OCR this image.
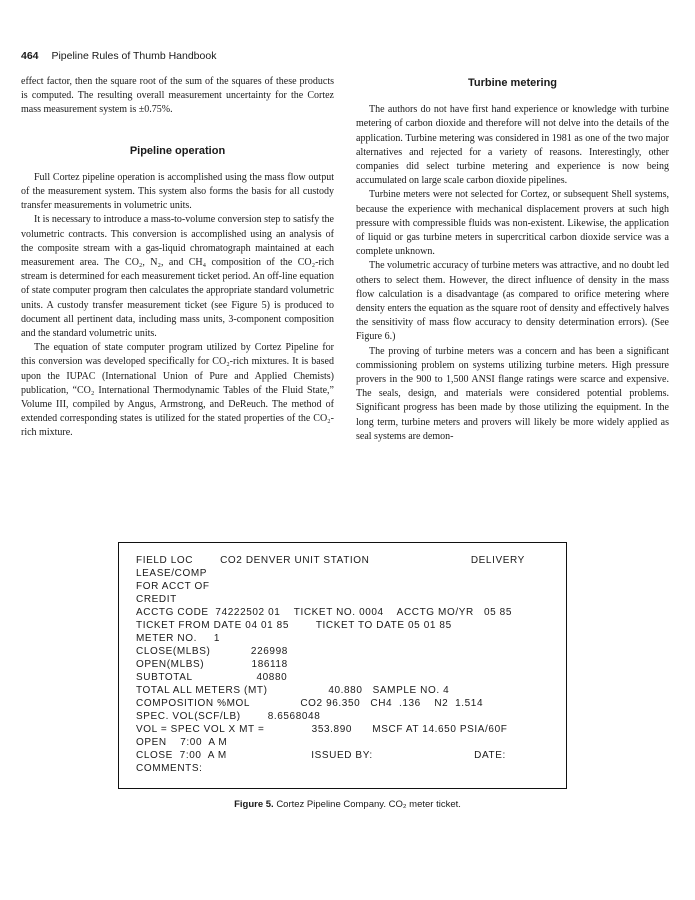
464 Pipeline Rules of Thumb Handbook

effect factor, then the square root of the sum of the squares of these products is computed. The resulting overall measurement uncertainty for the Cortez mass measurement system is ±0.75%.

Pipeline operation

Full Cortez pipeline operation is accomplished using the mass flow output of the measurement system. This system also forms the basis for all custody transfer measurements in volumetric units.

It is necessary to introduce a mass-to-volume conversion step to satisfy the volumetric contracts. This conversion is accomplished using an analysis of the composite stream with a gas-liquid chromatograph maintained at each measurement area. The CO₂, N₂, and CH₄ composition of the CO₂-rich stream is determined for each measurement ticket period. An off-line equation of state computer program then calculates the appropriate standard volumetric units. A custody transfer measurement ticket (see Figure 5) is produced to document all pertinent data, including mass units, 3-component composition and the standard volumetric units.

The equation of state computer program utilized by Cortez Pipeline for this conversion was developed specifically for CO₂-rich mixtures. It is based upon the IUPAC (International Union of Pure and Applied Chemists) publication, “CO₂ International Thermodynamic Tables of the Fluid State,” Volume III, compiled by Angus, Armstrong, and DeReuch. The method of extended corresponding states is utilized for the stated properties of the CO₂-rich mixture.

Turbine metering

The authors do not have first hand experience or knowledge with turbine metering of carbon dioxide and therefore will not delve into the details of the application. Turbine metering was considered in 1981 as one of the two major alternatives and rejected for a variety of reasons. Interestingly, other companies did select turbine metering and experience is now being accumulated on large scale carbon dioxide pipelines.

Turbine meters were not selected for Cortez, or subsequent Shell systems, because the experience with mechanical displacement provers at such high pressure with compressible fluids was non-existent. Likewise, the application of liquid or gas turbine meters in supercritical carbon dioxide service was a complete unknown.

The volumetric accuracy of turbine meters was attractive, and no doubt led others to select them. However, the direct influence of density in the mass flow calculation is a disadvantage (as compared to orifice metering where density enters the equation as the square root of density and effectively halves the sensitivity of mass flow accuracy to density determination errors). (See Figure 6.)

The proving of turbine meters was a concern and has been a significant commissioning problem on systems utilizing turbine meters. High pressure provers in the 900 to 1,500 ANSI flange ratings were scarce and expensive. The seals, design, and materials were considered potential problems. Significant progress has been made by those utilizing the equipment. In the long term, turbine meters and provers will likely be more widely applied as seal systems are demon-

FIELD LOC        CO2 DENVER UNIT STATION                              DELIVERY
LEASE/COMP
FOR ACCT OF
CREDIT
ACCTG CODE  74222502 01    TICKET NO. 0004    ACCTG MO/YR   05 85
TICKET FROM DATE 04 01 85        TICKET TO DATE 05 01 85
METER NO.     1
CLOSE(MLBS)            226998
OPEN(MLBS)              186118
SUBTOTAL                   40880
TOTAL ALL METERS (MT)                  40.880   SAMPLE NO. 4
COMPOSITION %MOL               CO2 96.350   CH4  .136    N2  1.514
SPEC. VOL(SCF/LB)        8.6568048
VOL = SPEC VOL X MT =              353.890      MSCF AT 14.650 PSIA/60F
OPEN    7:00  A M
CLOSE  7:00  A M                         ISSUED BY:                              DATE:
COMMENTS:
Figure 5. Cortez Pipeline Company. CO₂ meter ticket.
